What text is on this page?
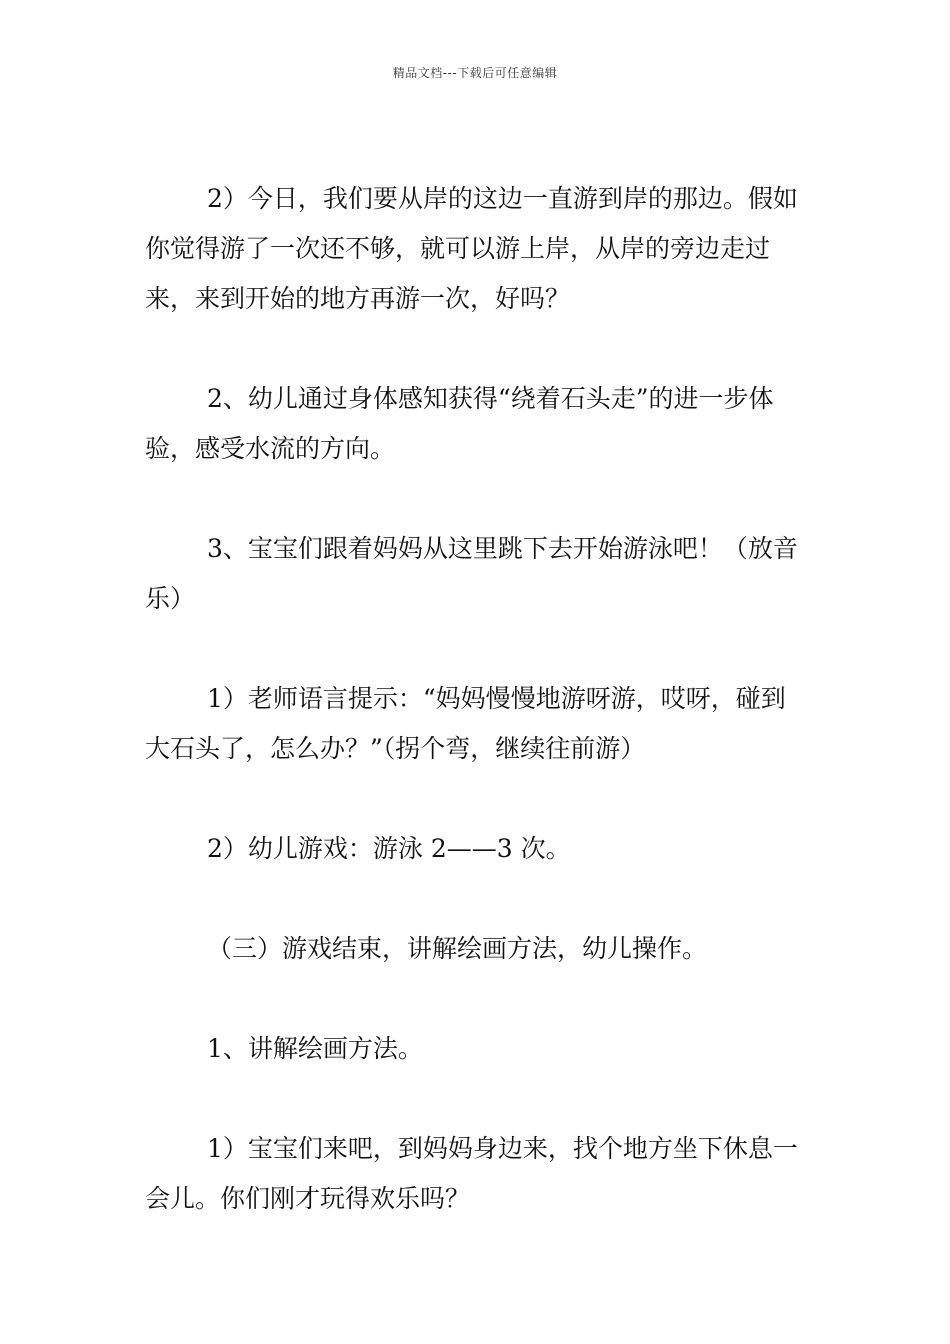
精品文档---下载后可任意编辑

2）今日，我们要从岸的这边一直游到岸的那边。假如你觉得游了一次还不够，就可以游上岸，从岸的旁边走过来，来到开始的地方再游一次，好吗？

2、幼儿通过身体感知获得“绕着石头走”的进一步体验，感受水流的方向。

3、宝宝们跟着妈妈从这里跳下去开始游泳吧！（放音乐）

1）老师语言提示：“妈妈慢慢地游呀游，哎呀，碰到大石头了，怎么办？”（拐个弯，继续往前游）

2）幼儿游戏：游泳 2——3 次。

（三）游戏结束，讲解绘画方法，幼儿操作。

1、讲解绘画方法。

1）宝宝们来吧，到妈妈身边来，找个地方坐下休息一会儿。你们刚才玩得欢乐吗？
